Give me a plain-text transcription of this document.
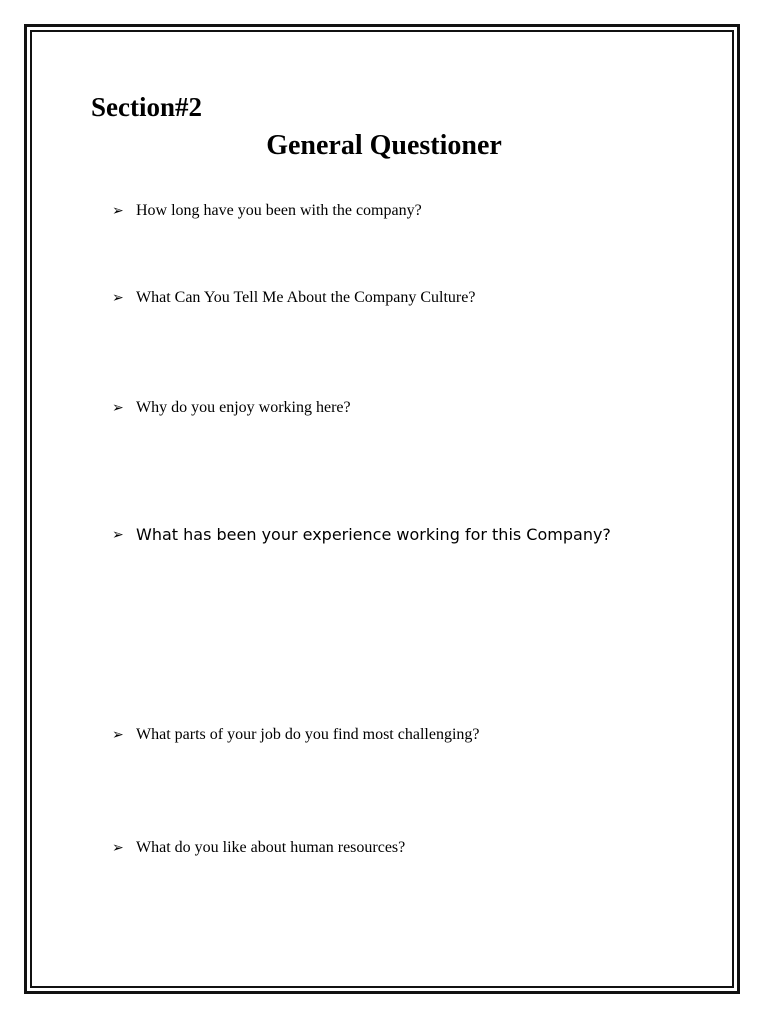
Section#2
General Questioner
➢ How long have you been with the company?
➢ What Can You Tell Me About the Company Culture?
➢ Why do you enjoy working here?
➢ What has been your experience working for this Company?
➢ What parts of your job do you find most challenging?
➢ What do you like about human resources?
